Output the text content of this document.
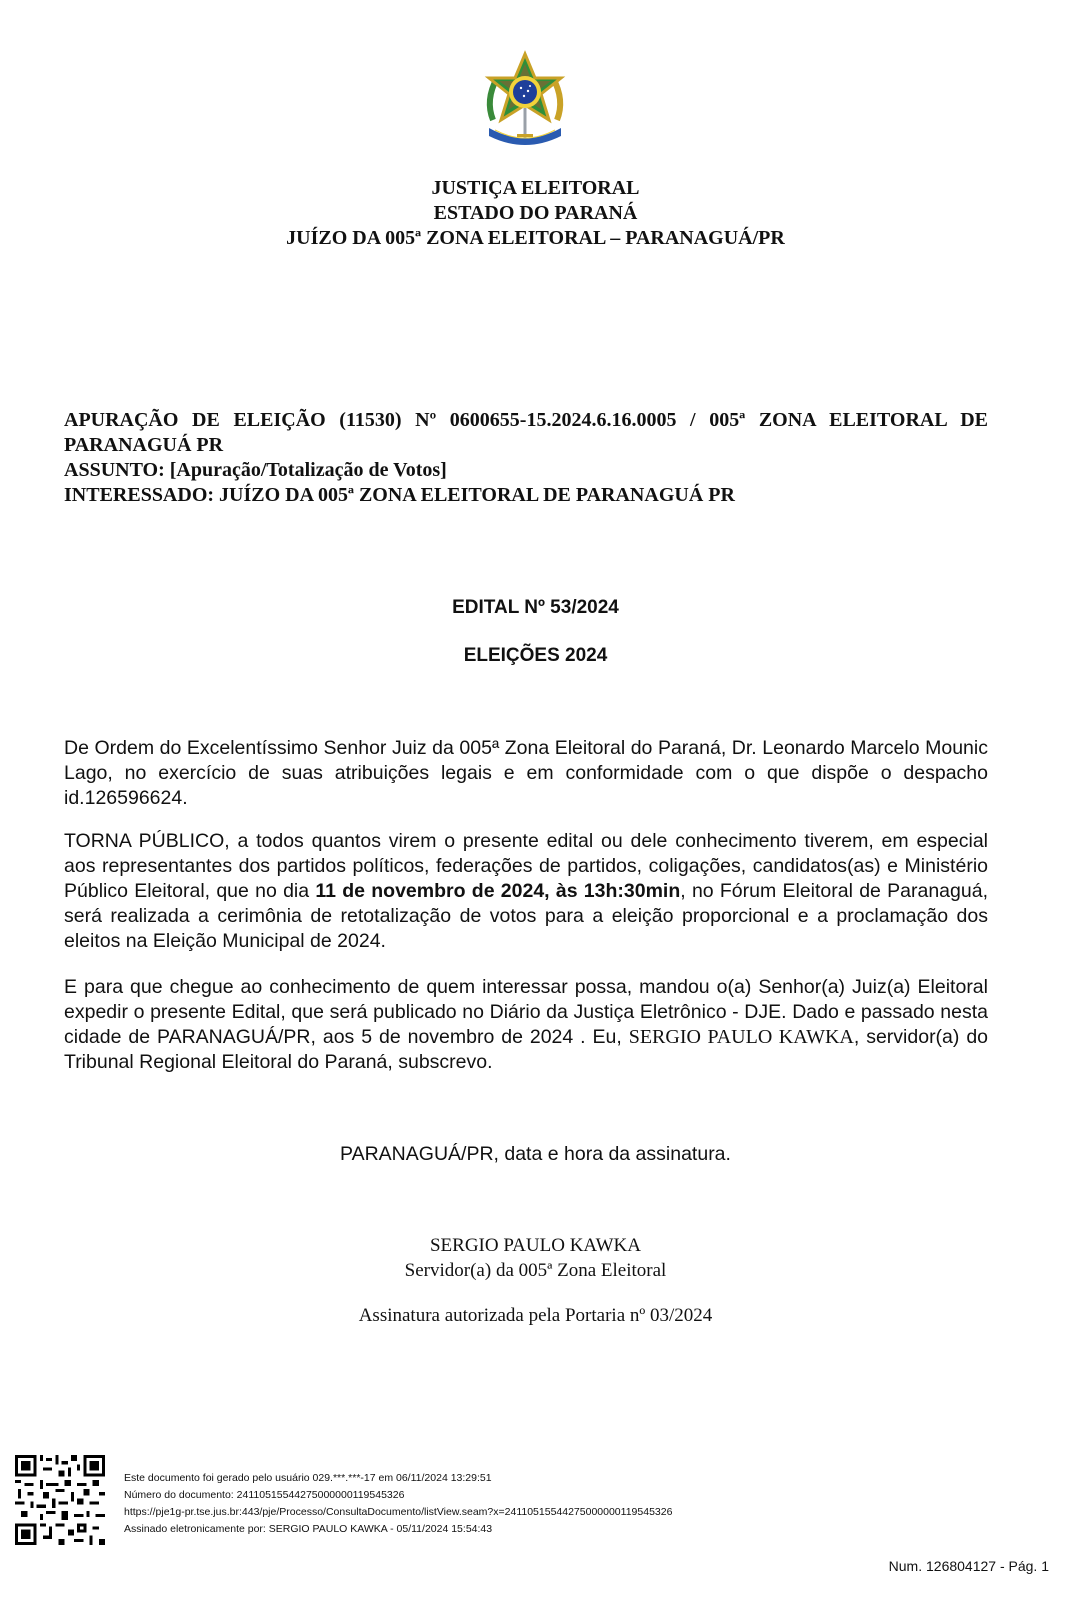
JUSTIÇA ELEITORAL
ESTADO DO PARANÁ
JUÍZO DA 005ª ZONA ELEITORAL – PARANAGUÁ/PR
APURAÇÃO DE ELEIÇÃO (11530) Nº 0600655-15.2024.6.16.0005 / 005ª ZONA ELEITORAL DE
PARANAGUÁ PR
ASSUNTO: [Apuração/Totalização de Votos]
INTERESSADO: JUÍZO DA 005ª ZONA ELEITORAL DE PARANAGUÁ PR
EDITAL Nº 53/2024
ELEIÇÕES 2024
De Ordem do Excelentíssimo Senhor Juiz da 005ª Zona Eleitoral do Paraná, Dr. Leonardo Marcelo Mounic Lago, no exercício de suas atribuições legais e em conformidade com o que dispõe o despacho id.126596624.
TORNA PÚBLICO, a todos quantos virem o presente edital ou dele conhecimento tiverem, em especial aos representantes dos partidos políticos, federações de partidos, coligações, candidatos(as) e Ministério Público Eleitoral, que no dia 11 de novembro de 2024, às 13h:30min, no Fórum Eleitoral de Paranaguá, será realizada a cerimônia de retotalização de votos para a eleição proporcional e a proclamação dos eleitos na Eleição Municipal de 2024.
E para que chegue ao conhecimento de quem interessar possa, mandou o(a) Senhor(a) Juiz(a) Eleitoral expedir o presente Edital, que será publicado no Diário da Justiça Eletrônico - DJE. Dado e passado nesta cidade de PARANAGUÁ/PR, aos 5 de novembro de 2024 . Eu, SERGIO PAULO KAWKA, servidor(a) do Tribunal Regional Eleitoral do Paraná, subscrevo.
PARANAGUÁ/PR, data e hora da assinatura.
SERGIO PAULO KAWKA
Servidor(a) da 005ª Zona Eleitoral
Assinatura autorizada pela Portaria nº 03/2024
Este documento foi gerado pelo usuário 029.***.***-17 em 06/11/2024 13:29:51
Número do documento: 24110515544275000000119545326
https://pje1g-pr.tse.jus.br:443/pje/Processo/ConsultaDocumento/listView.seam?x=24110515544275000000119545326
Assinado eletronicamente por: SERGIO PAULO KAWKA - 05/11/2024 15:54:43
Num. 126804127 - Pág. 1
